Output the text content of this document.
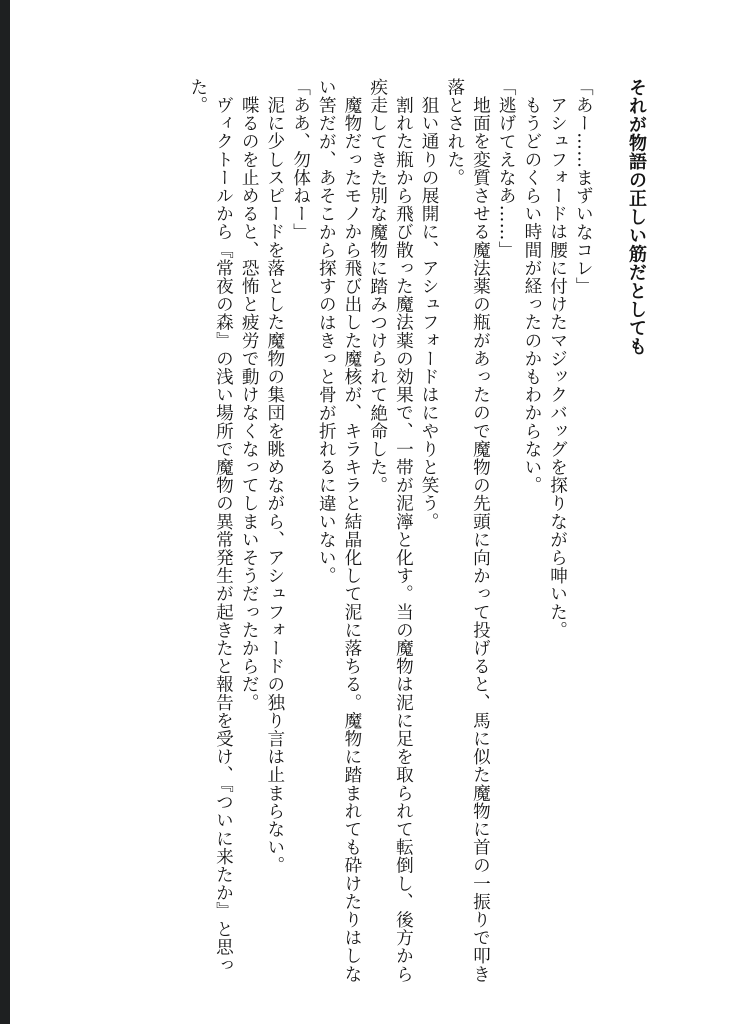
それが物語の正しい筋だとしても

「あー……まずいなコレ」

アシュフォードは腰に付けたマジックバッグを探りながら呻いた。

もうどのくらい時間が経ったのかもわからない。

「逃げてえなあ……」

地面を変質させる魔法薬の瓶があったので魔物の先頭に向かって投げると、馬に似た魔物に首の一振りで叩き

落とされた。

狙い通りの展開に、アシュフォードはにやりと笑う。

割れた瓶から飛び散った魔法薬の効果で、一帯が泥濘と化す。当の魔物は泥に足を取られて転倒し、後方から

疾走してきた別な魔物に踏みつけられて絶命した。

魔物だったモノから飛び出した魔核が、キラキラと結晶化して泥に落ちる。魔物に踏まれても砕けたりはしな

い筈だが、あそこから探すのはきっと骨が折れるに違いない。

「ああ、勿体ねー」

泥に少しスピードを落とした魔物の集団を眺めながら、アシュフォードの独り言は止まらない。

喋るのを止めると、恐怖と疲労で動けなくなってしまいそうだったからだ。

ヴィクトールから『常夜の森』の浅い場所で魔物の異常発生が起きたと報告を受け、『ついに来たか』と思っ

た。
